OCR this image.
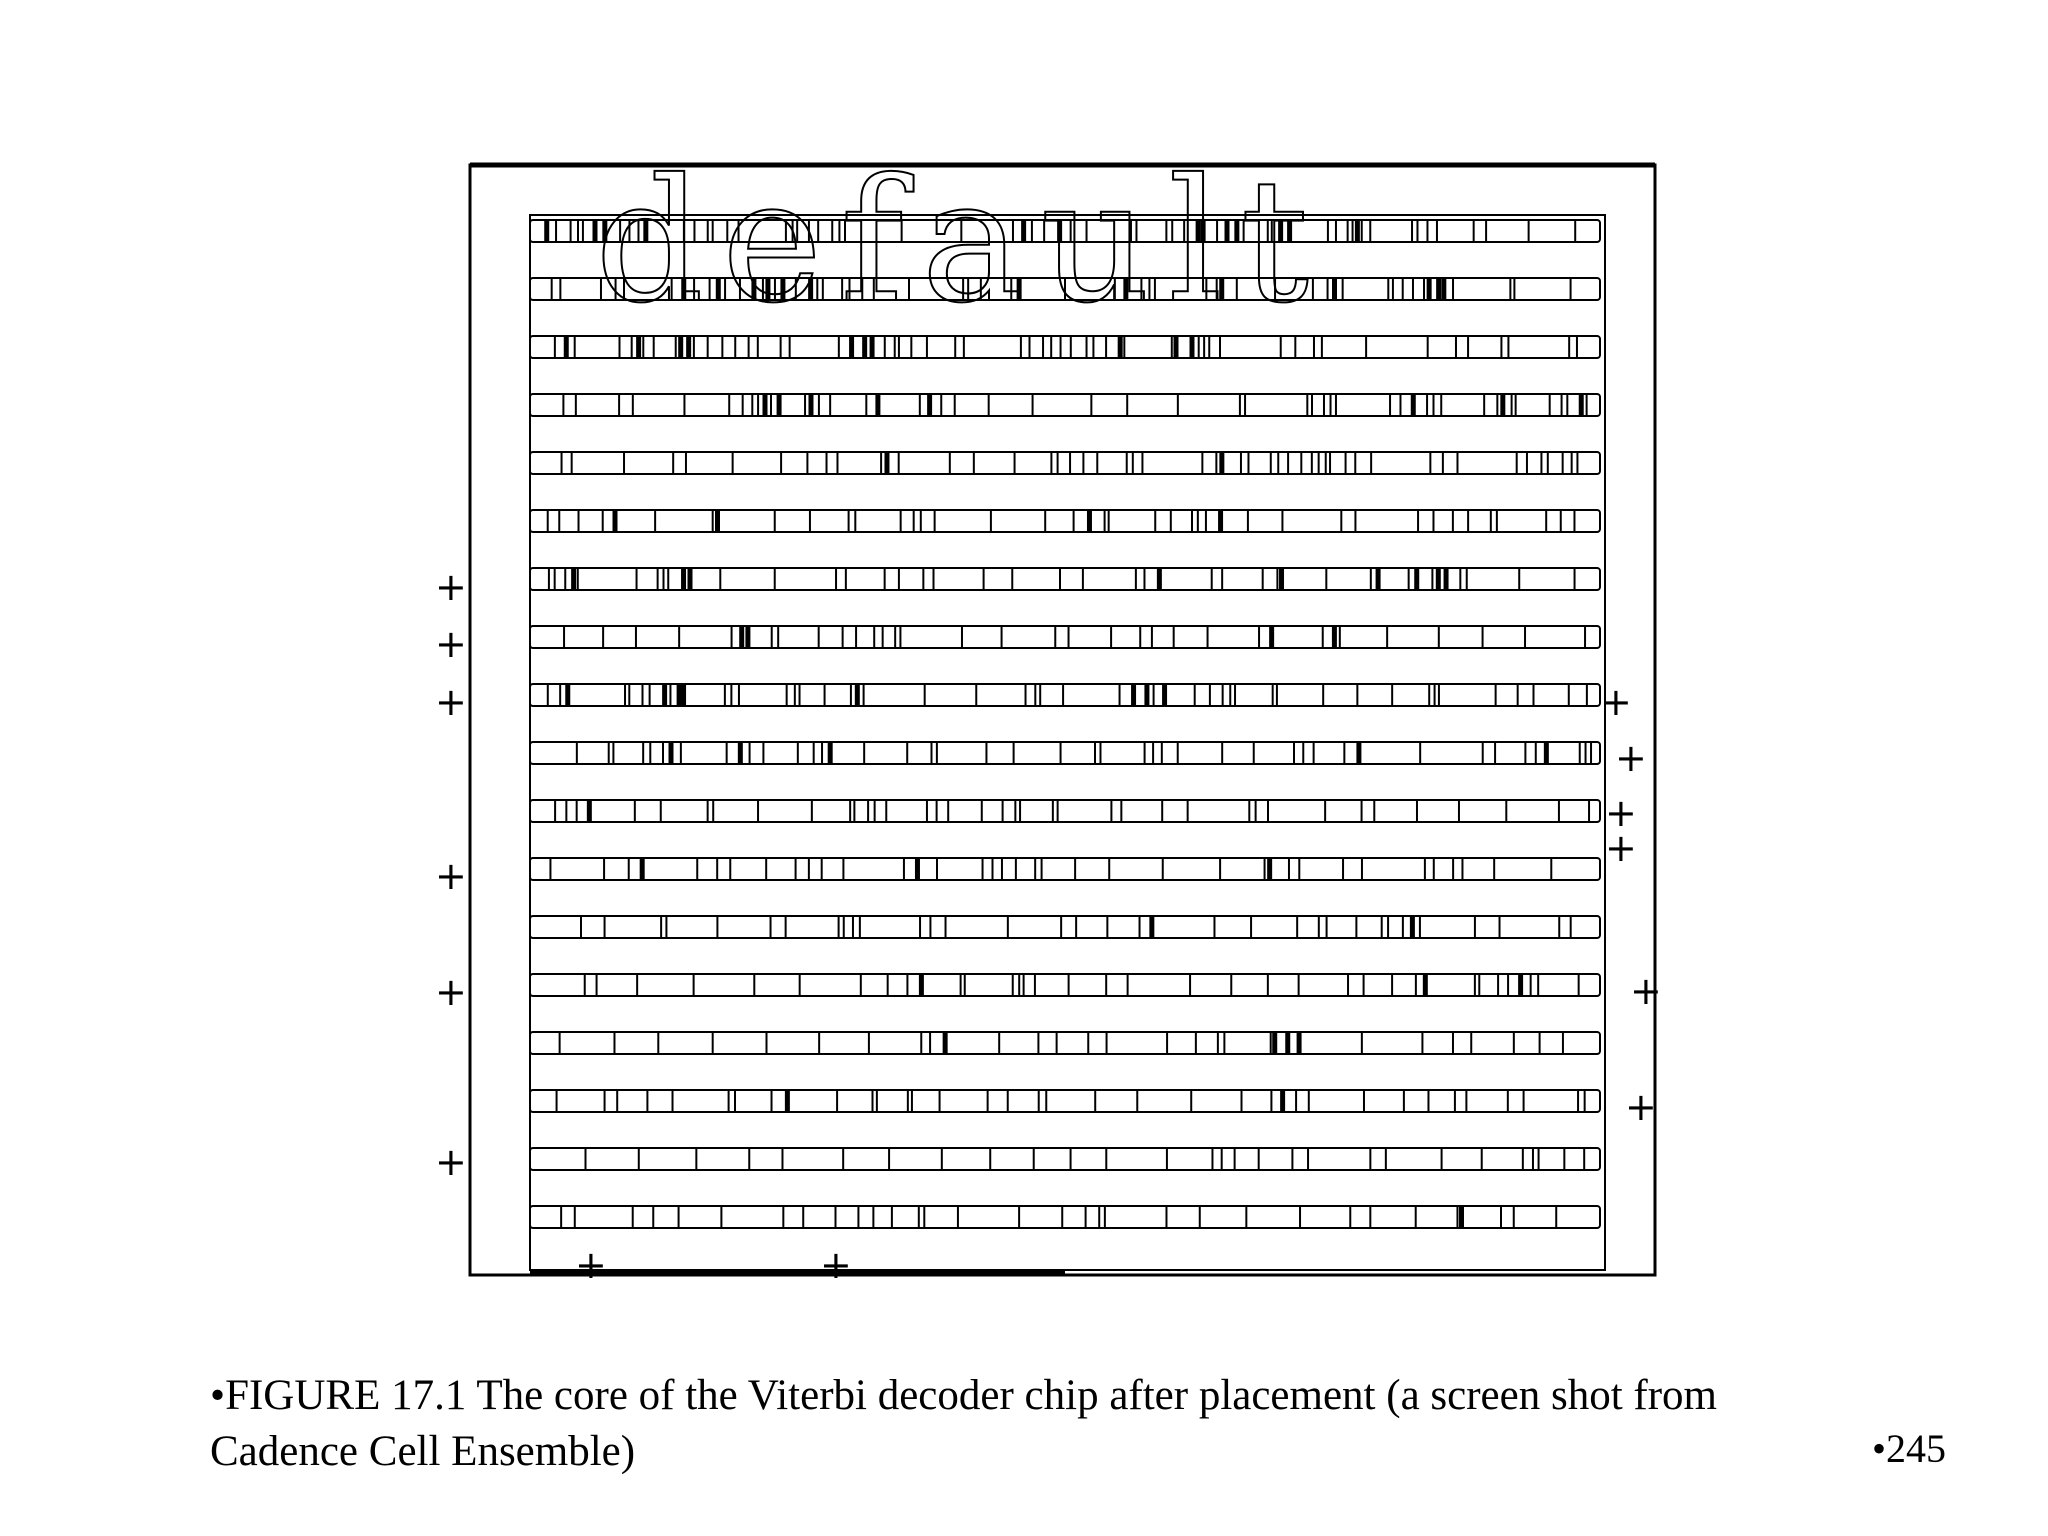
+
+
+
+
+
+
+
+
+
+
+
+
+	+
default

•FIGURE 17.1 The core of the Viterbi decoder chip after placement (a screen shot from Cadence Cell Ensemble)	•245
